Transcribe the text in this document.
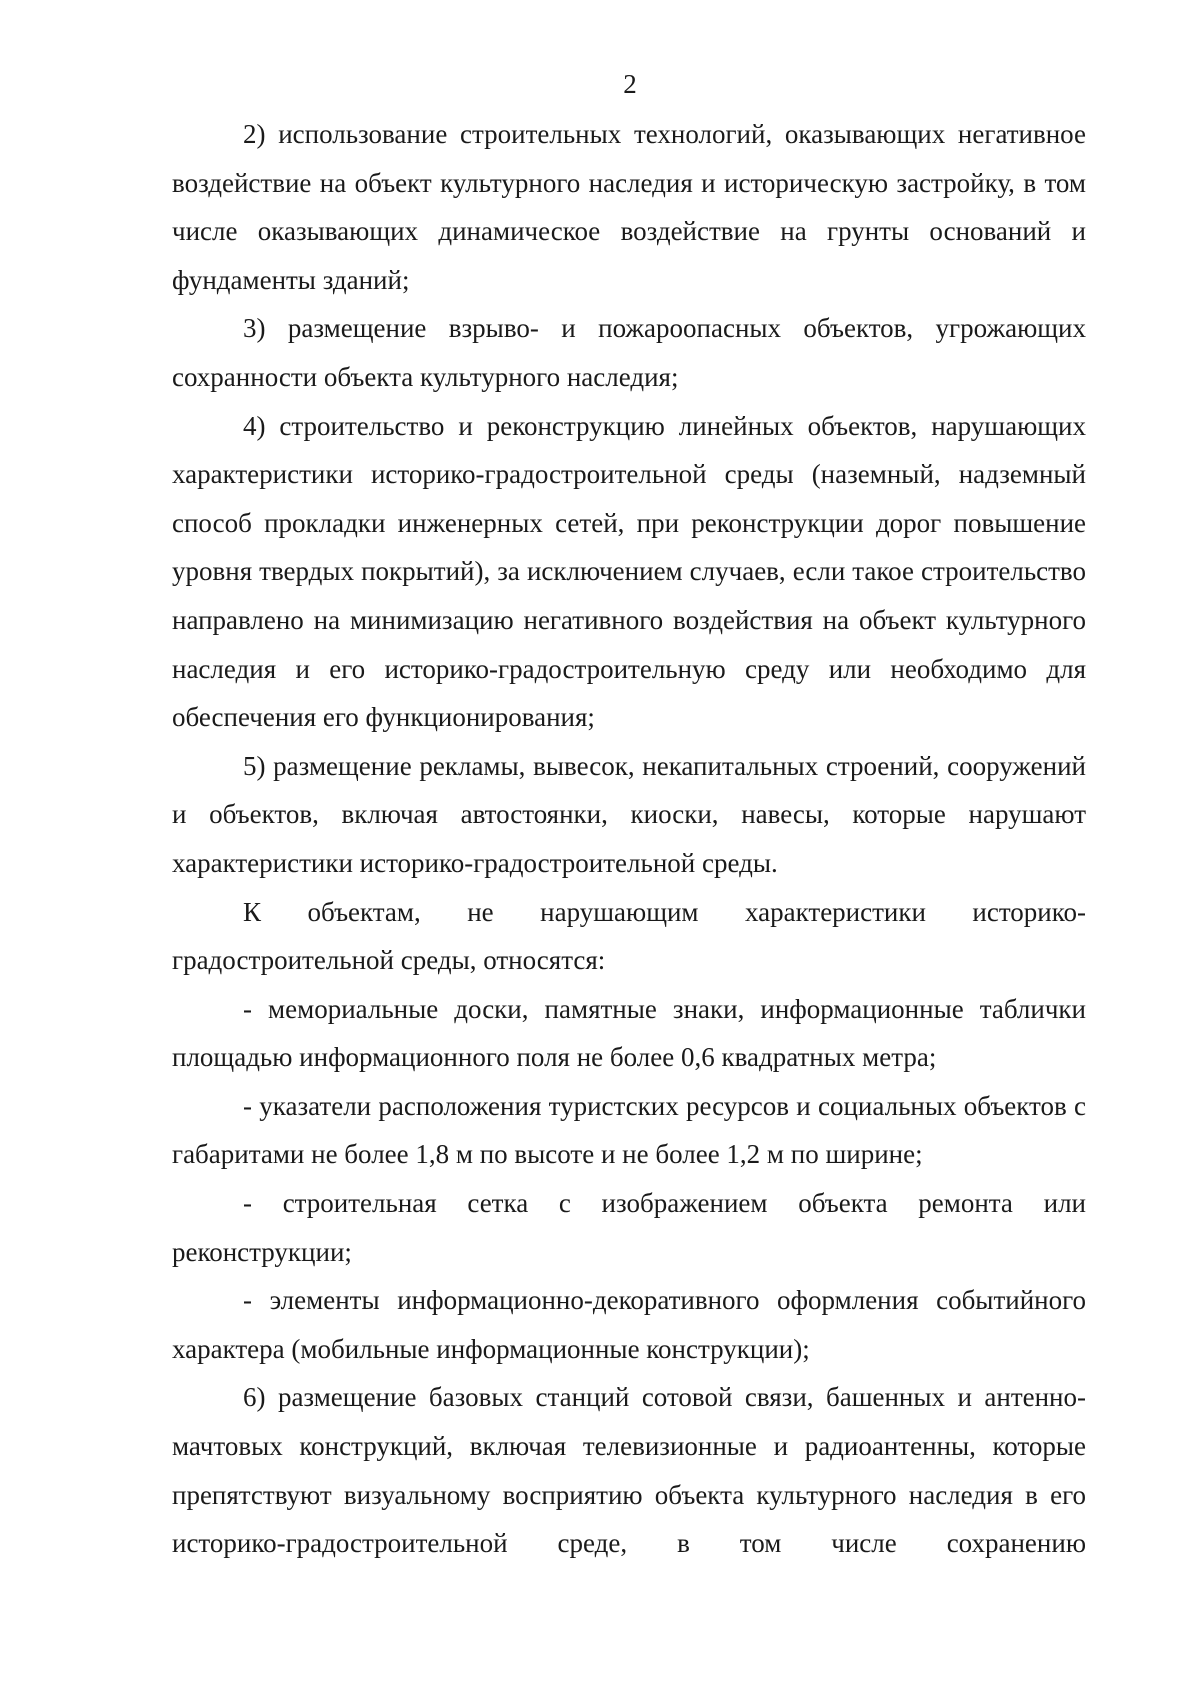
2

2) использование строительных технологий, оказывающих негативное воздействие на объект культурного наследия и историческую застройку, в том числе оказывающих динамическое воздействие на грунты оснований и фундаменты зданий;

3) размещение взрыво- и пожароопасных объектов, угрожающих сохранности объекта культурного наследия;

4) строительство и реконструкцию линейных объектов, нарушающих характеристики историко-градостроительной среды (наземный, надземный способ прокладки инженерных сетей, при реконструкции дорог повышение уровня твердых покрытий), за исключением случаев, если такое строительство направлено на минимизацию негативного воздействия на объект культурного наследия и его историко-градостроительную среду или необходимо для обеспечения его функционирования;

5) размещение рекламы, вывесок, некапитальных строений, сооружений и объектов, включая автостоянки, киоски, навесы, которые нарушают характеристики историко-градостроительной среды.

К объектам, не нарушающим характеристики историко-градостроительной среды, относятся:

- мемориальные доски, памятные знаки, информационные таблички площадью информационного поля не более 0,6 квадратных метра;

- указатели расположения туристских ресурсов и социальных объектов с габаритами не более 1,8 м по высоте и не более 1,2 м по ширине;

- строительная сетка с изображением объекта ремонта или реконструкции;

- элементы информационно-декоративного оформления событийного характера (мобильные информационные конструкции);

6) размещение базовых станций сотовой связи, башенных и антенно-мачтовых конструкций, включая телевизионные и радиоантенны, которые препятствуют визуальному восприятию объекта культурного наследия в его историко-градостроительной среде, в том числе сохранению
